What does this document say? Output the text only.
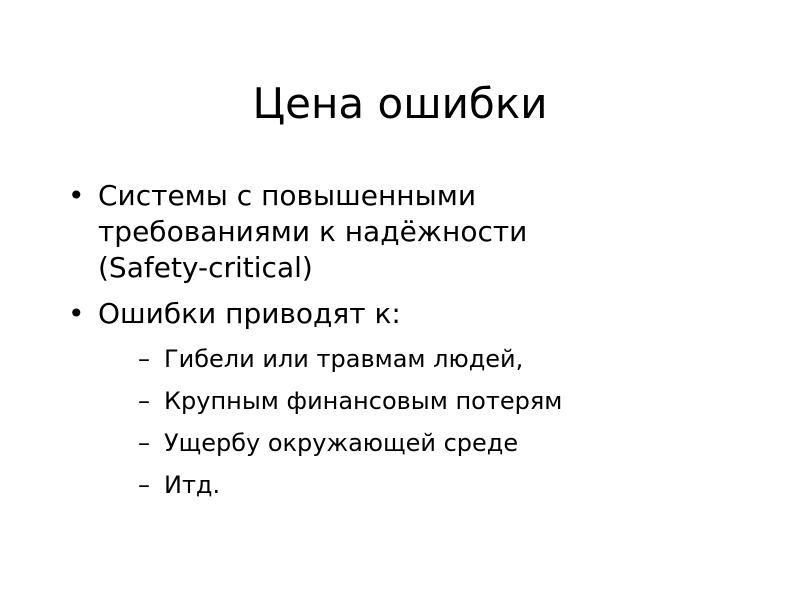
Цена ошибки
• Системы с повышенными
требованиями к надёжности
(Safety-critical)
• Ошибки приводят к:
– Гибели или травмам людей,
– Крупным финансовым потерям
– Ущербу окружающей среде
– Итд.
